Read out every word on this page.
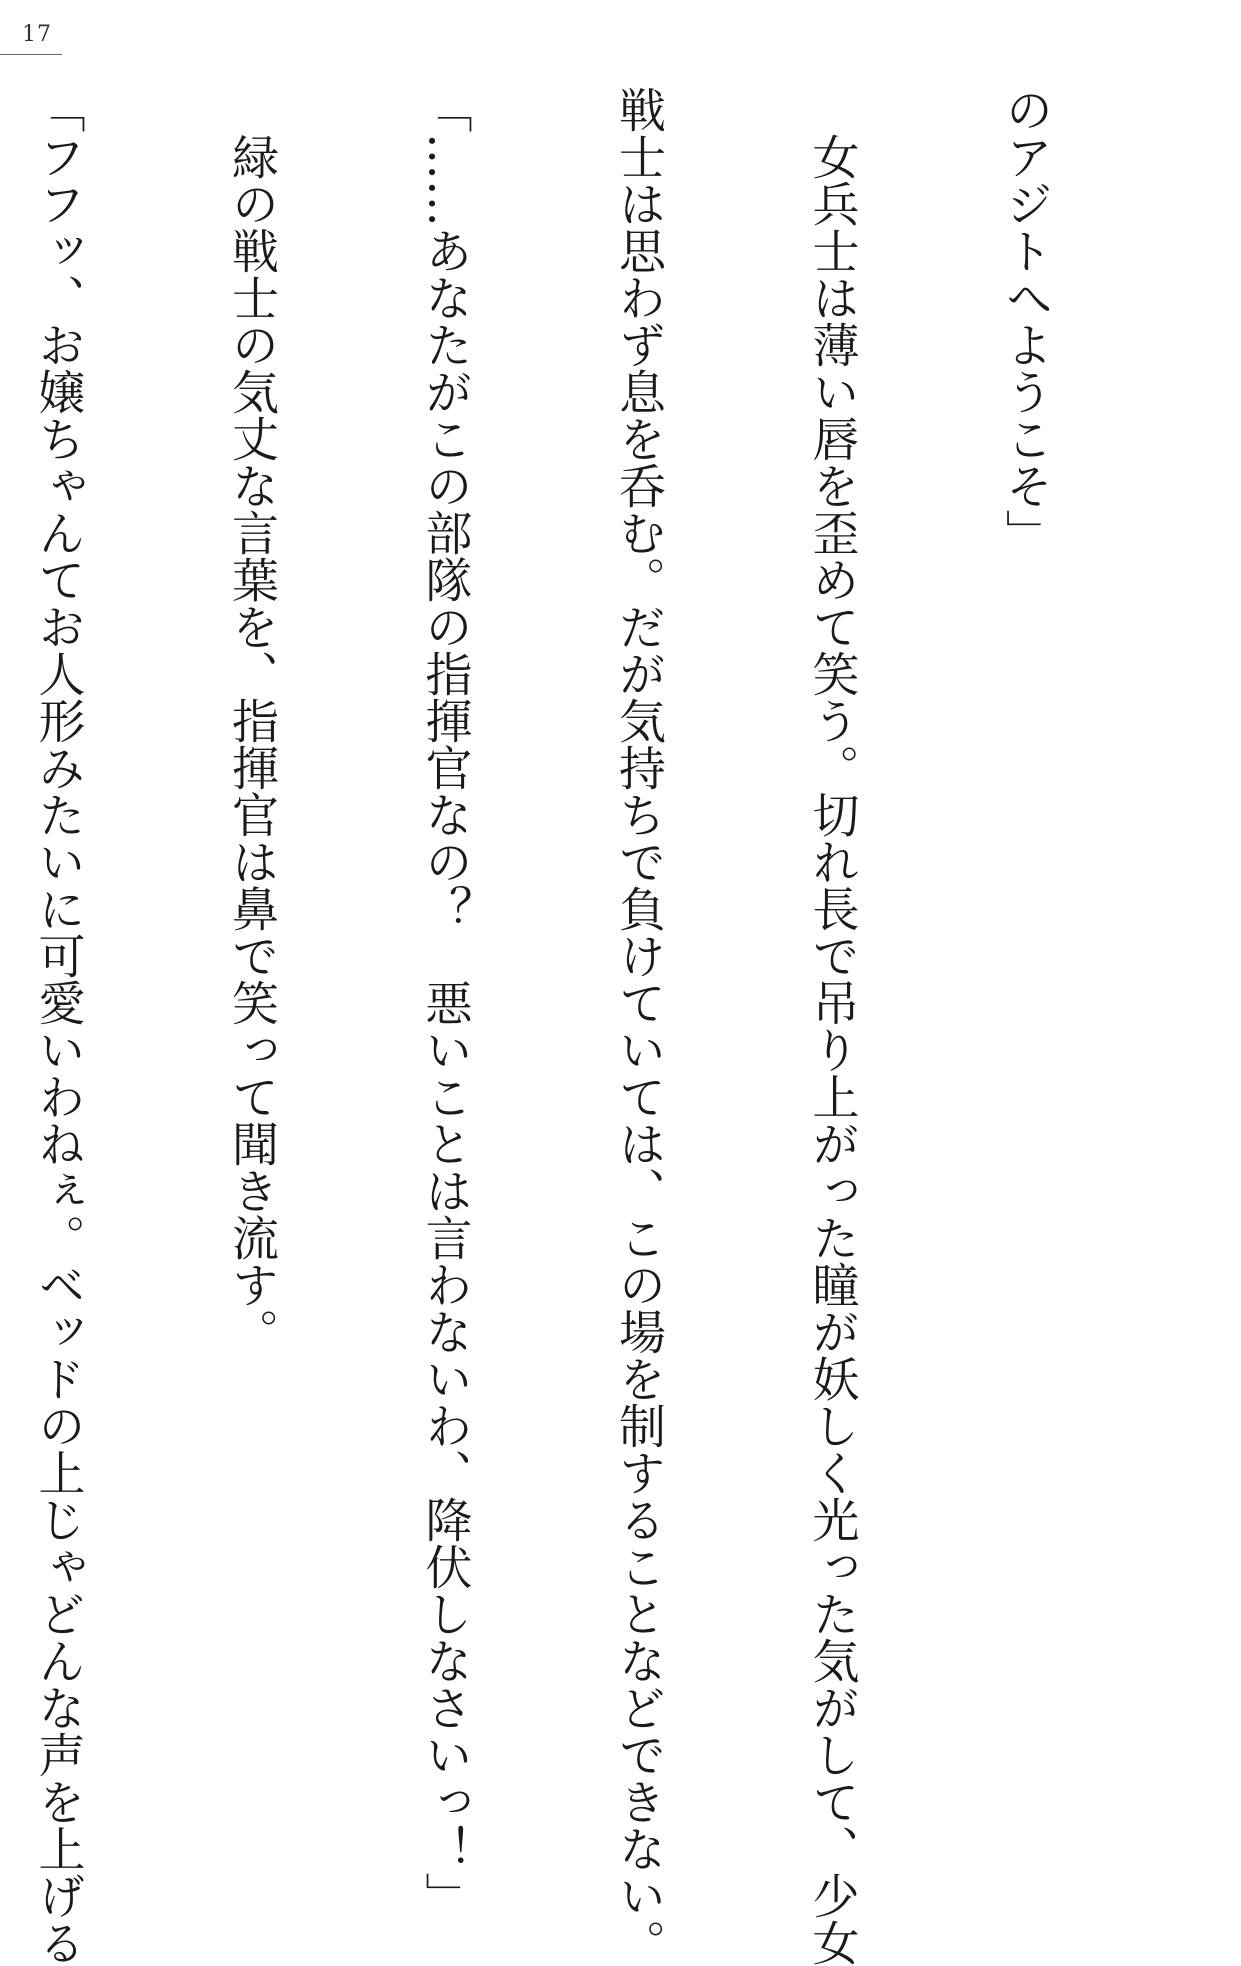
17

のアジトへようこそ」

　女兵士は薄い唇を歪めて笑う。切れ長で吊り上がった瞳が妖しく光った気がして、少女

戦士は思わず息を呑む。だが気持ちで負けていては、この場を制することなどできない。

「……あなたがこの部隊の指揮官なの？　悪いことは言わないわ、降伏しなさいっ！」

　緑の戦士の気丈な言葉を、指揮官は鼻で笑って聞き流す。

「フフッ、お嬢ちゃんてお人形みたいに可愛いわねぇ。ベッドの上じゃどんな声を上げる
